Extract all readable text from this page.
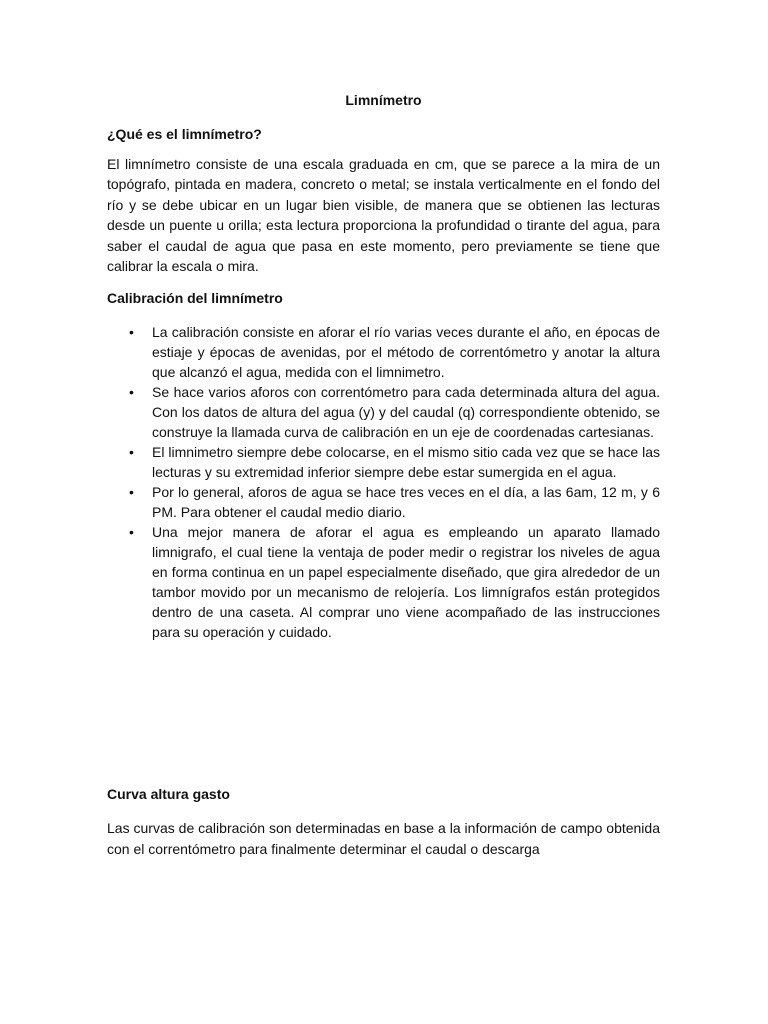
Limnímetro
¿Qué es el limnímetro?

El limnímetro consiste de una escala graduada en cm, que se parece a la mira de un topógrafo, pintada en madera, concreto o metal; se instala verticalmente en el fondo del río y se debe ubicar en un lugar bien visible, de manera que se obtienen las lecturas desde un puente u orilla; esta lectura proporciona la profundidad o tirante del agua, para saber el caudal de agua que pasa en este momento, pero previamente se tiene que calibrar la escala o mira.

Calibración del limnímetro
• La calibración consiste en aforar el río varias veces durante el año, en épocas de estiaje y épocas de avenidas, por el método de correntómetro y anotar la altura que alcanzó el agua, medida con el limnimetro.
• Se hace varios aforos con correntómetro para cada determinada altura del agua. Con los datos de altura del agua (y) y del caudal (q) correspondiente obtenido, se construye la llamada curva de calibración en un eje de coordenadas cartesianas.
• El limnimetro siempre debe colocarse, en el mismo sitio cada vez que se hace las lecturas y su extremidad inferior siempre debe estar sumergida en el agua.
• Por lo general, aforos de agua se hace tres veces en el día, a las 6am, 12 m, y 6 PM. Para obtener el caudal medio diario.
• Una mejor manera de aforar el agua es empleando un aparato llamado limnigrafo, el cual tiene la ventaja de poder medir o registrar los niveles de agua en forma continua en un papel especialmente diseñado, que gira alrededor de un tambor movido por un mecanismo de relojería. Los limnígrafos están protegidos dentro de una caseta. Al comprar uno viene acompañado de las instrucciones para su operación y cuidado.
Curva altura gasto

Las curvas de calibración son determinadas en base a la información de campo obtenida con el correntómetro para finalmente determinar el caudal o descarga
